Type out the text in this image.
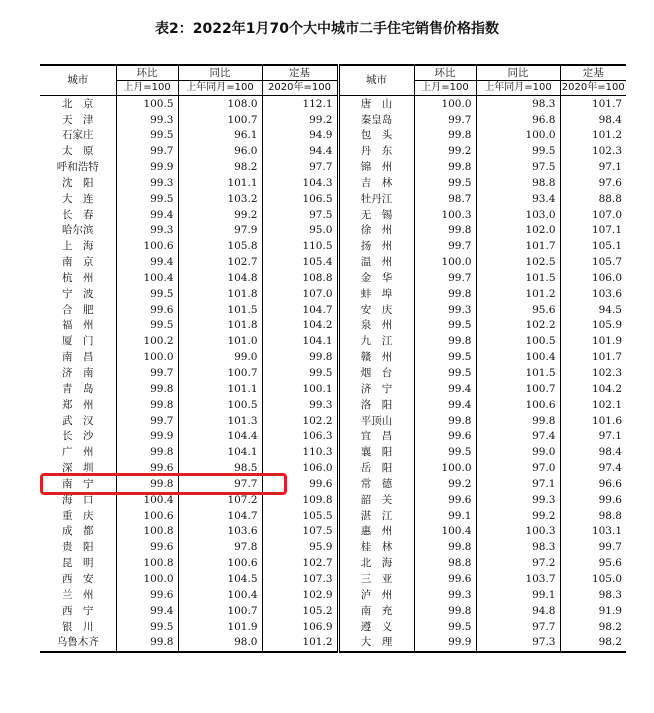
表2：2022年1月70个大中城市二手住宅销售价格指数
城市	环比	同比	定基	城市	环比	同比	定基
	上月=100	上年同月=100	2020年=100		上月=100	上年同月=100	2020年=100
北　京	100.5	108.0	112.1	唐　山	100.0	98.3	101.7
天　津	99.3	100.7	99.2	秦皇岛	99.7	96.8	98.4
石家庄	99.5	96.1	94.9	包　头	99.8	100.0	101.2
太　原	99.7	96.0	94.4	丹　东	99.2	99.5	102.3
呼和浩特	99.9	98.2	97.7	锦　州	99.8	97.5	97.1
沈　阳	99.3	101.1	104.3	吉　林	99.5	98.8	97.6
大　连	99.5	103.2	106.5	牡丹江	98.7	93.4	88.8
长　春	99.4	99.2	97.5	无　锡	100.3	103.0	107.0
哈尔滨	99.3	97.9	95.0	徐　州	99.8	102.0	107.1
上　海	100.6	105.8	110.5	扬　州	99.7	101.7	105.1
南　京	99.4	102.7	105.4	温　州	100.0	102.5	105.7
杭　州	100.4	104.8	108.8	金　华	99.7	101.5	106.0
宁　波	99.5	101.8	107.0	蚌　埠	99.8	101.2	103.6
合　肥	99.6	101.5	104.7	安　庆	99.3	95.6	94.5
福　州	99.5	101.8	104.2	泉　州	99.5	102.2	105.9
厦　门	100.2	101.0	104.1	九　江	99.8	100.5	101.9
南　昌	100.0	99.0	99.8	赣　州	99.5	100.4	101.7
济　南	99.7	100.7	99.5	烟　台	99.5	101.5	102.3
青　岛	99.8	101.1	100.1	济　宁	99.4	100.7	104.2
郑　州	99.8	100.5	99.3	洛　阳	99.4	100.6	102.1
武　汉	99.7	101.3	102.2	平顶山	99.8	99.8	101.6
长　沙	99.9	104.4	106.3	宜　昌	99.6	97.4	97.1
广　州	99.8	104.1	110.3	襄　阳	99.5	99.0	98.4
深　圳	99.6	98.5	106.0	岳　阳	100.0	97.0	97.4
南　宁	99.8	97.7	99.6	常　德	99.2	97.1	96.6
海　口	100.4	107.2	109.8	韶　关	99.6	99.3	99.6
重　庆	100.6	104.7	105.5	湛　江	99.1	99.2	98.8
成　都	100.8	103.6	107.5	惠　州	100.4	100.3	103.1
贵　阳	99.6	97.8	95.9	桂　林	99.8	98.3	99.7
昆　明	100.8	100.6	102.7	北　海	98.8	97.2	95.6
西　安	100.0	104.5	107.3	三　亚	99.6	103.7	105.0
兰　州	99.6	100.4	102.9	泸　州	99.3	99.1	98.3
西　宁	99.4	100.7	105.2	南　充	99.8	94.8	91.9
银　川	99.5	101.9	106.9	遵　义	99.5	97.7	98.2
乌鲁木齐	99.8	98.0	101.2	大　理	99.9	97.3	98.2
